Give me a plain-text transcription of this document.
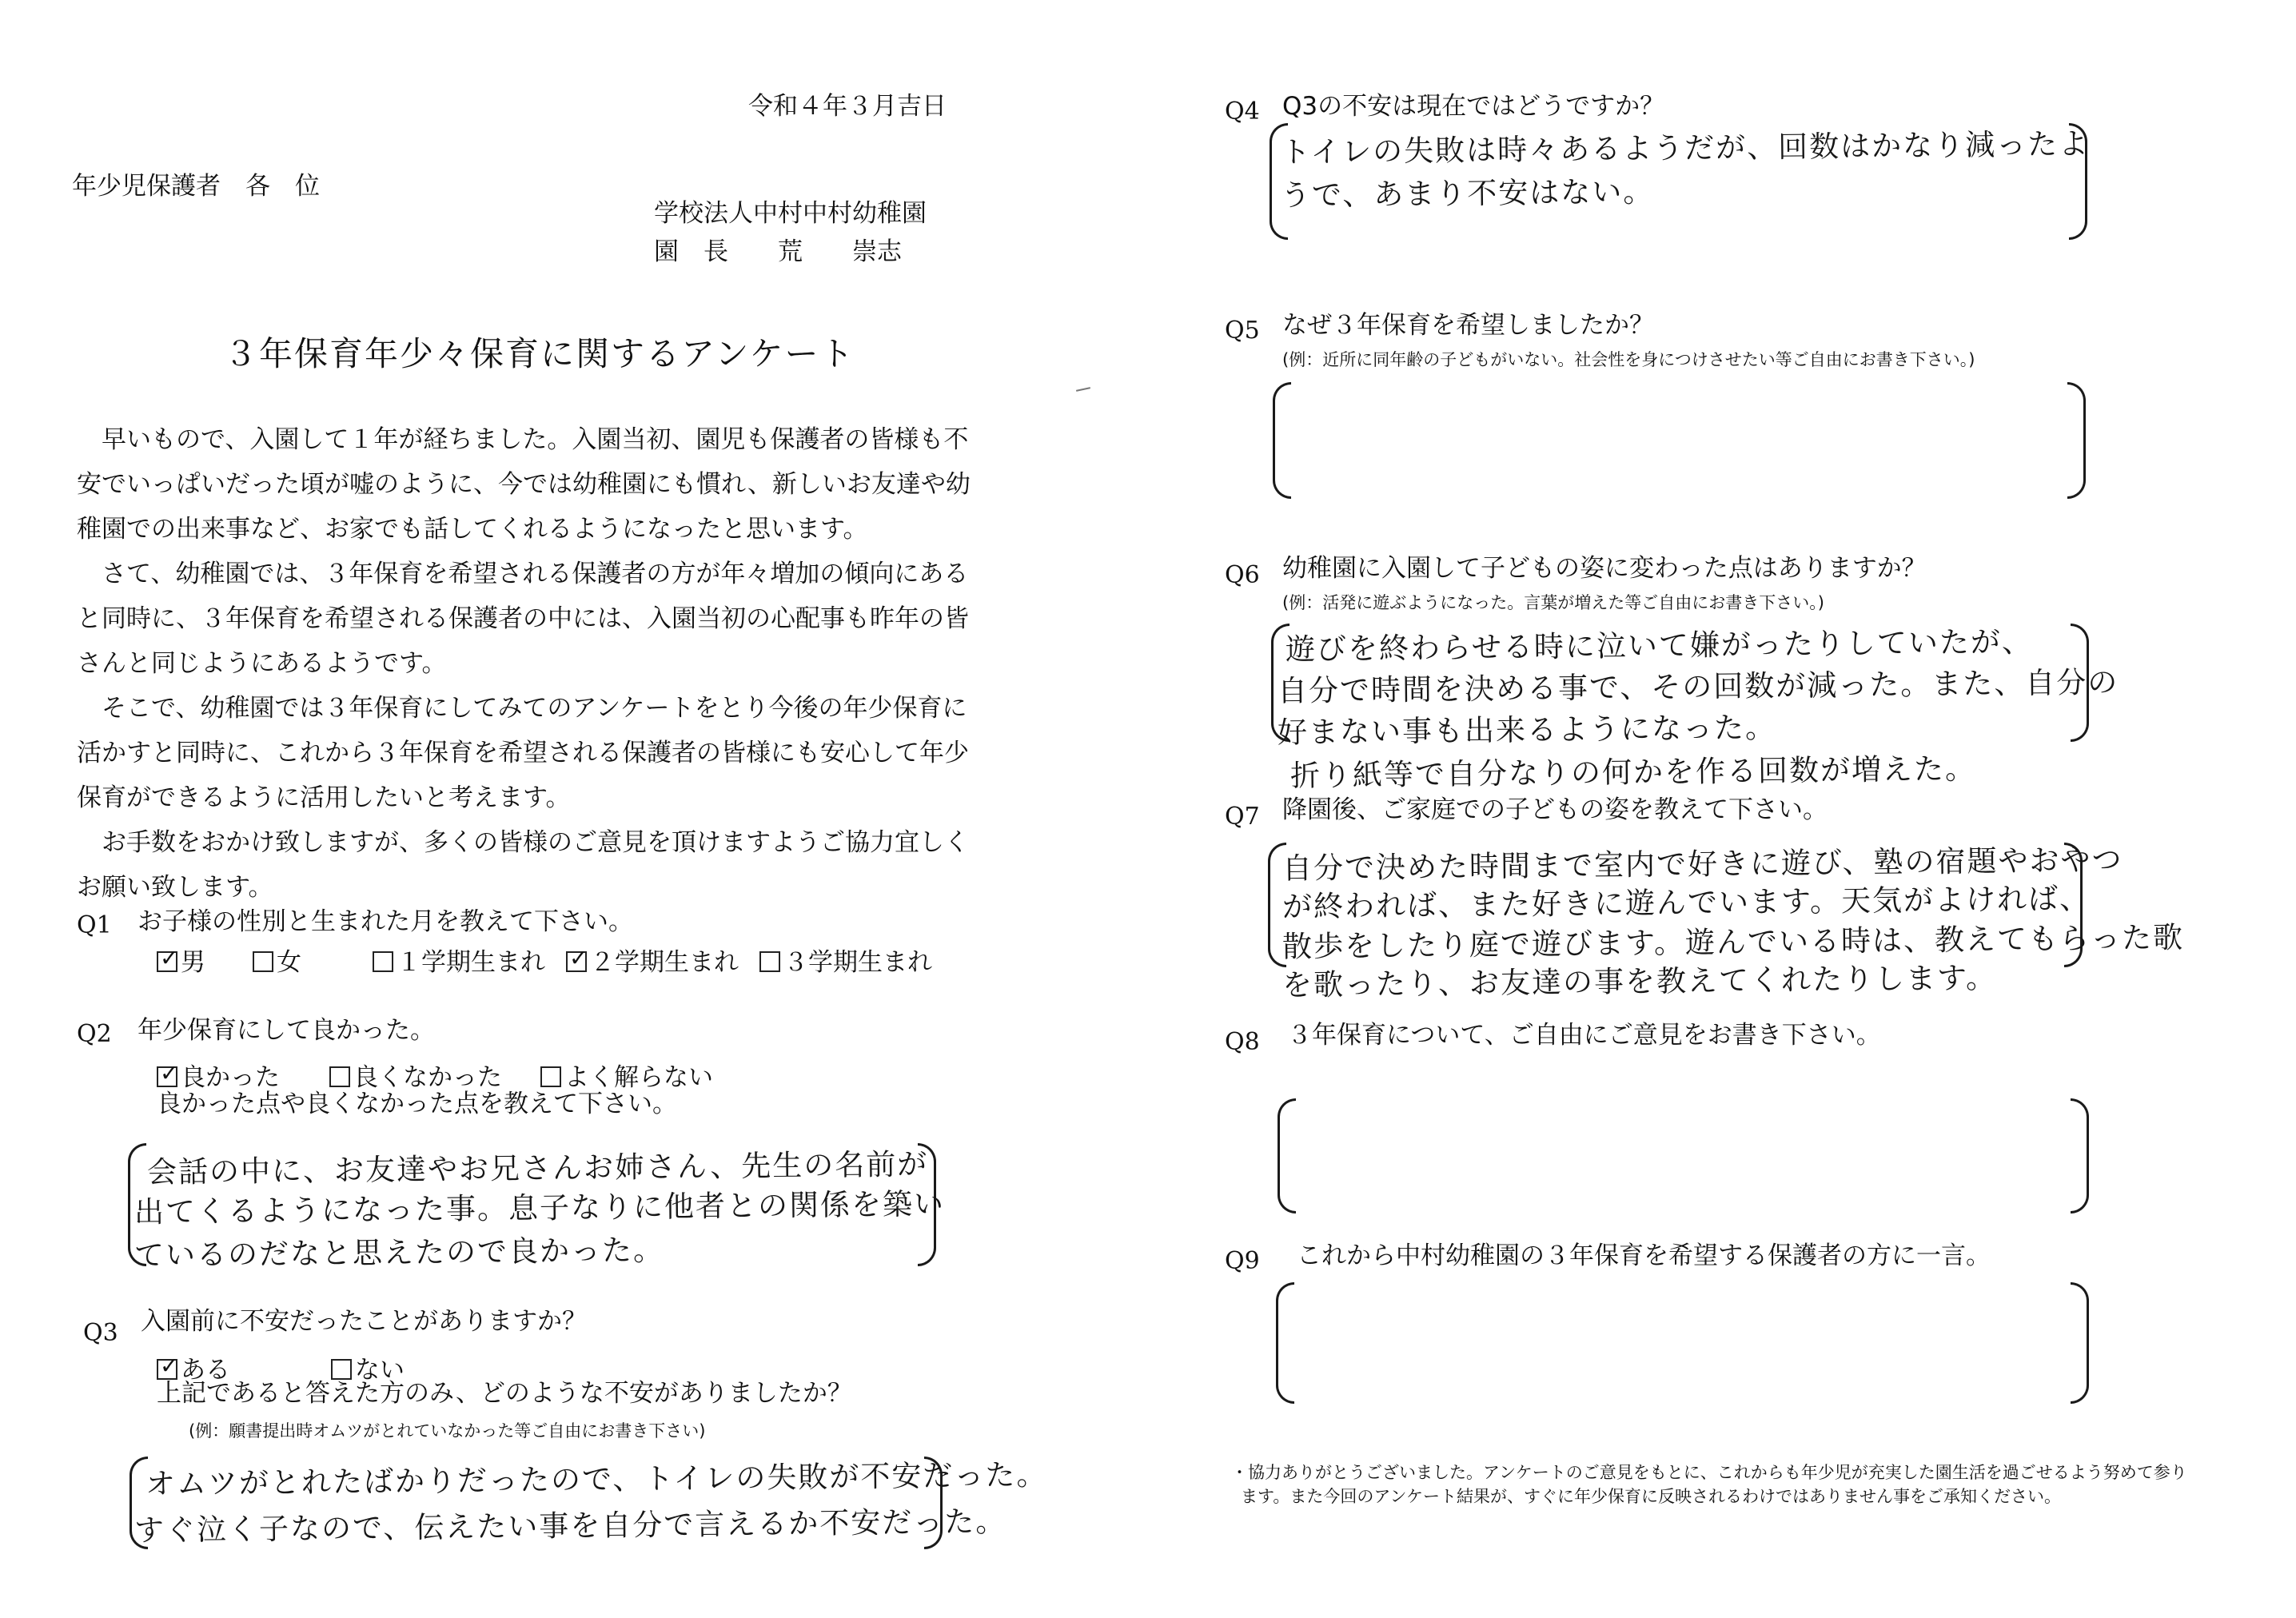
令和４年３月吉日
年少児保護者　各　位
学校法人中村中村幼稚園
園　長　　荒　　崇志
３年保育年少々保育に関するアンケート
　早いもので、入園して１年が経ちました。入園当初、園児も保護者の皆様も不安でいっぱいだった頃が嘘のように、今では幼稚園にも慣れ、新しいお友達や幼稚園での出来事など、お家でも話してくれるようになったと思います。
　さて、幼稚園では、３年保育を希望される保護者の方が年々増加の傾向にあると同時に、３年保育を希望される保護者の中には、入園当初の心配事も昨年の皆さんと同じようにあるようです。
　そこで、幼稚園では３年保育にしてみてのアンケートをとり今後の年少保育に活かすと同時に、これから３年保育を希望される保護者の皆様にも安心して年少保育ができるように活用したいと考えます。
　お手数をおかけ致しますが、多くの皆様のご意見を頂けますようご協力宜しくお願い致します。
Q1 お子様の性別と生まれた月を教えて下さい。
✓男	女	１学期生まれ
✓	２学期生まれ	３学期生まれ
Q2 年少保育にして良かった。
✓良かった	良くなかった	よく解らない
良かった点や良くなかった点を教えて下さい。
会話の中に、お友達やお兄さんお姉さん、先生の名前が
出てくるようになった事。息子なりに他者との関係を築い
ているのだなと思えたので良かった。
Q3 入園前に不安だったことがありますか？
✓ある	ない
上記であると答えた方のみ、どのような不安がありましたか？
(例：願書提出時オムツがとれていなかった等ご自由にお書き下さい)
オムツがとれたばかりだったので、トイレの失敗が不安だった。
すぐ泣く子なので、伝えたい事を自分で言えるか不安だった。
Q4 Q3の不安は現在ではどうですか？
トイレの失敗は時々あるようだが、回数はかなり減ったよ
うで、あまり不安はない。
Q5 なぜ３年保育を希望しましたか？
(例：近所に同年齢の子どもがいない。社会性を身につけさせたい等ご自由にお書き下さい。)
Q6 幼稚園に入園して子どもの姿に変わった点はありますか？
(例：活発に遊ぶようになった。言葉が増えた等ご自由にお書き下さい。)
遊びを終わらせる時に泣いて嫌がったりしていたが、
自分で時間を決める事で、その回数が減った。また、自分の
好まない事も出来るようになった。
折り紙等で自分なりの何かを作る回数が増えた。
Q7 降園後、ご家庭での子どもの姿を教えて下さい。
自分で決めた時間まで室内で好きに遊び、塾の宿題やおやつ
が終われば、また好きに遊んでいます。天気がよければ、
散歩をしたり庭で遊びます。遊んでいる時は、教えてもらった歌
を歌ったり、お友達の事を教えてくれたりします。
Q8 ３年保育について、ご自由にご意見をお書き下さい。
Q9 これから中村幼稚園の３年保育を希望する保護者の方に一言。
・協力ありがとうございました。アンケートのご意見をもとに、これからも年少児が充実した園生活を過ごせるよう努めて参り
ます。また今回のアンケート結果が、すぐに年少保育に反映されるわけではありません事をご承知ください。
